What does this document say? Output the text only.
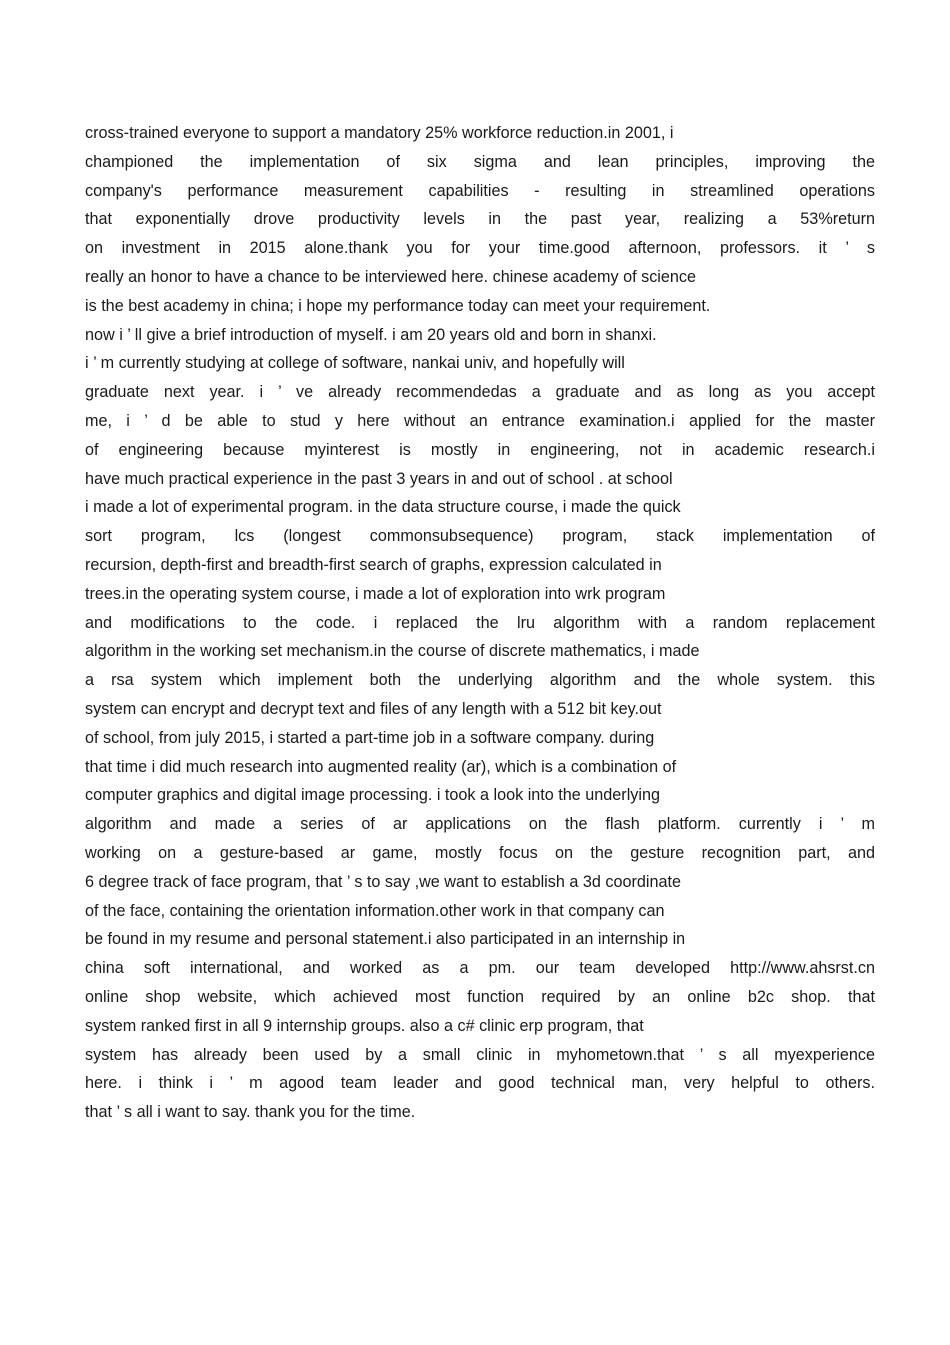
cross-trained everyone to support a mandatory 25% workforce reduction.in 2001, i
championed the implementation of six sigma and lean principles, improving the
company's performance measurement capabilities - resulting in streamlined operations
that exponentially drove productivity levels in the past year, realizing a 53%return
on investment in 2015 alone.thank you for your time.good afternoon, professors. it ’ s
really an honor to have a chance to be interviewed here. chinese academy of science
is the best academy in china; i hope my performance today can meet your requirement.
now i ’ ll give a brief introduction of myself. i am 20 years old and born in shanxi.
i ’ m currently studying at college of software, nankai univ, and hopefully will
graduate next year. i ’ ve already recommendedas a graduate and as long as you accept
me, i ’ d be able to stud y here without an entrance examination.i applied for the master
of engineering because myinterest is mostly in engineering, not in academic research.i
have much practical experience in the past 3 years in and out of school . at school
i made a lot of experimental program. in the data structure course, i made the quick
sort program, lcs (longest commonsubsequence) program, stack implementation of
recursion, depth-first and breadth-first search of graphs, expression calculated in
trees.in the operating system course, i made a lot of exploration into wrk program
and modifications to the code. i replaced the lru algorithm with a random replacement
algorithm in the working set mechanism.in the course of discrete mathematics, i made
a rsa system which implement both the underlying algorithm and the whole system. this
system can encrypt and decrypt text and files of any length with a 512 bit key.out
of school, from july 2015, i started a part-time job in a software company. during
that time i did much research into augmented reality (ar), which is a combination of
computer graphics and digital image processing. i took a look into the underlying
algorithm and made a series of ar applications on the flash platform. currently i ’ m
working on a gesture-based ar game, mostly focus on the gesture recognition part, and
6 degree track of face program, that ’ s to say ,we want to establish a 3d coordinate
of the face, containing the orientation information.other work in that company can
be found in my resume and personal statement.i also participated in an internship in
china soft international, and worked as a pm. our team developed http://www.ahsrst.cn
online shop website, which achieved most function required by an online b2c shop. that
system ranked first in all 9 internship groups. also a c# clinic erp program, that
system has already been used by a small clinic in myhometown.that ’ s all myexperience
here. i think i ’ m agood team leader and good technical man, very helpful to others.
that ’ s all i want to say. thank you for the time.
